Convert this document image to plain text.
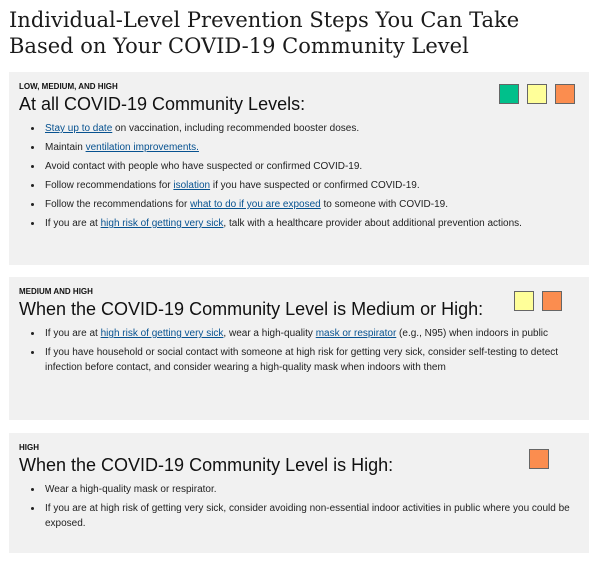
Individual-Level Prevention Steps You Can Take Based on Your COVID-19 Community Level
LOW, MEDIUM, AND HIGH
At all COVID-19 Community Levels:
• Stay up to date on vaccination, including recommended booster doses.
• Maintain ventilation improvements.
• Avoid contact with people who have suspected or confirmed COVID-19.
• Follow recommendations for isolation if you have suspected or confirmed COVID-19.
• Follow the recommendations for what to do if you are exposed to someone with COVID-19.
• If you are at high risk of getting very sick, talk with a healthcare provider about additional prevention actions.
MEDIUM AND HIGH
When the COVID-19 Community Level is Medium or High:
• If you are at high risk of getting very sick, wear a high-quality mask or respirator (e.g., N95) when indoors in public
• If you have household or social contact with someone at high risk for getting very sick, consider self-testing to detect infection before contact, and consider wearing a high-quality mask when indoors with them
HIGH
When the COVID-19 Community Level is High:
• Wear a high-quality mask or respirator.
• If you are at high risk of getting very sick, consider avoiding non-essential indoor activities in public where you could be exposed.
